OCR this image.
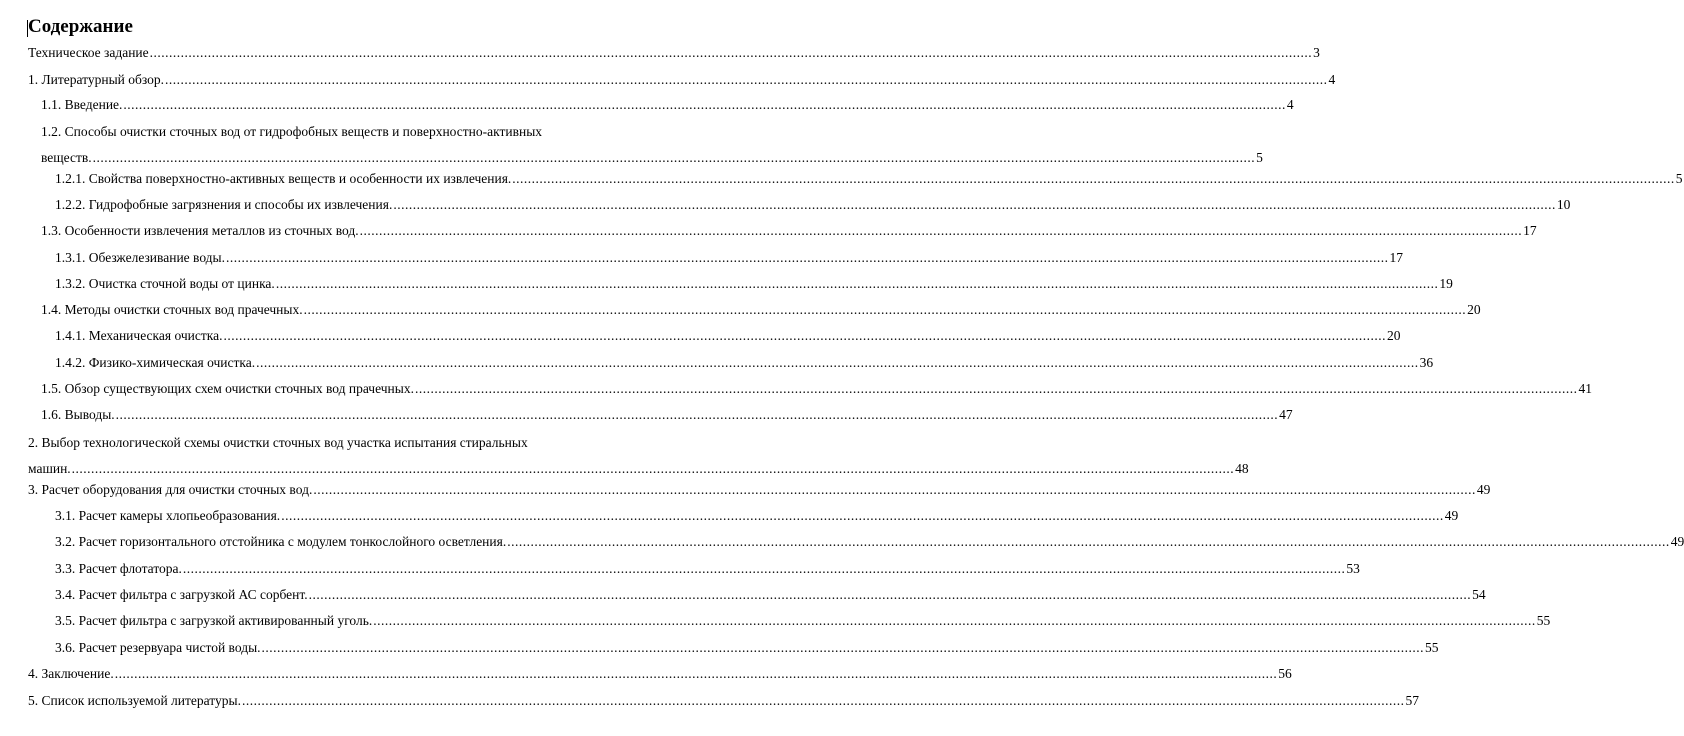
Содержание
Техническое задание ............................................................................................................................................................................................................................................................................................................ 3
1. Литературный обзор. ............................................................................................................................................................................................................................................................................................................ 4
1.1. Введение. ............................................................................................................................................................................................................................................................................................................ 4
1.2. Способы очистки сточных вод от гидрофобных веществ и поверхностно-активных
веществ. ............................................................................................................................................................................................................................................................................................................ 5
1.2.1. Свойства поверхностно-активных веществ и особенности их извлечения. ............................................................................................................................................................................................................................................................................................................ 5
1.2.2. Гидрофобные загрязнения и способы их извлечения. ............................................................................................................................................................................................................................................................................................................ 10
1.3. Особенности извлечения металлов из сточных вод. ............................................................................................................................................................................................................................................................................................................ 17
1.3.1. Обезжелезивание воды. ............................................................................................................................................................................................................................................................................................................ 17
1.3.2. Очистка сточной воды от цинка. ............................................................................................................................................................................................................................................................................................................ 19
1.4. Методы очистки сточных вод прачечных. ............................................................................................................................................................................................................................................................................................................ 20
1.4.1. Механическая очистка. ............................................................................................................................................................................................................................................................................................................ 20
1.4.2. Физико-химическая очистка. ............................................................................................................................................................................................................................................................................................................ 36
1.5. Обзор существующих схем очистки сточных вод прачечных. ............................................................................................................................................................................................................................................................................................................ 41
1.6. Выводы. ............................................................................................................................................................................................................................................................................................................ 47
2. Выбор технологической схемы очистки сточных вод участка испытания стиральных
машин. ............................................................................................................................................................................................................................................................................................................ 48
3. Расчет оборудования для очистки сточных вод. ............................................................................................................................................................................................................................................................................................................ 49
3.1. Расчет камеры хлопьеобразования. ............................................................................................................................................................................................................................................................................................................ 49
3.2. Расчет горизонтального отстойника с модулем тонкослойного осветления. ............................................................................................................................................................................................................................................................................................................ 49
3.3. Расчет флотатора. ............................................................................................................................................................................................................................................................................................................ 53
3.4. Расчет фильтра с загрузкой АС сорбент. ............................................................................................................................................................................................................................................................................................................ 54
3.5. Расчет фильтра с загрузкой активированный уголь. ............................................................................................................................................................................................................................................................................................................ 55
3.6. Расчет резервуара чистой воды. ............................................................................................................................................................................................................................................................................................................ 55
4. Заключение. ............................................................................................................................................................................................................................................................................................................ 56
5. Список используемой литературы. ............................................................................................................................................................................................................................................................................................................ 57
